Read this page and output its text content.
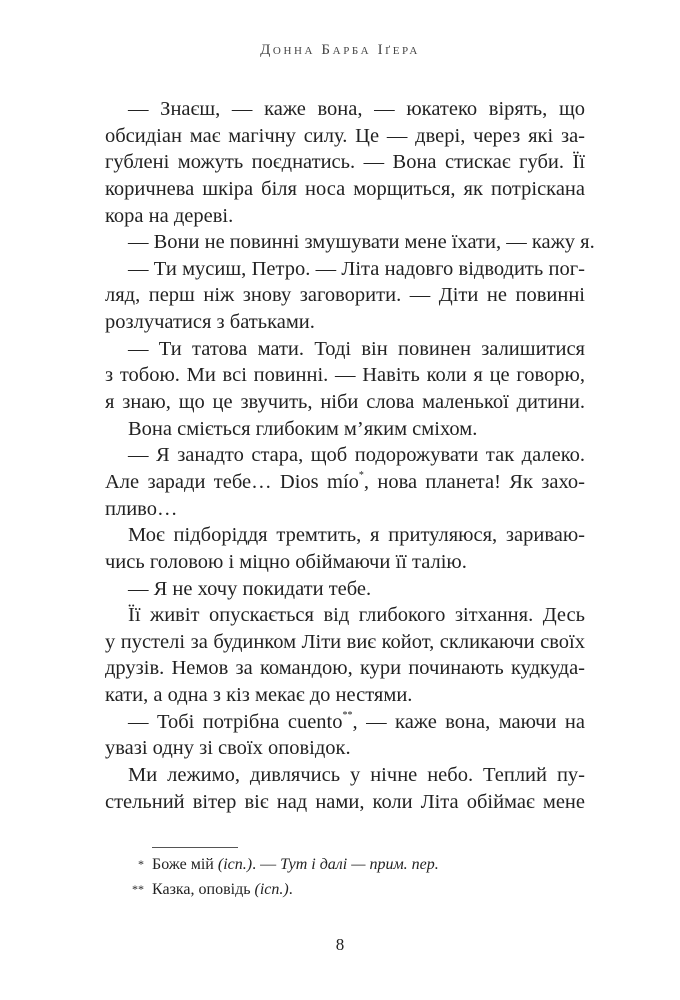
Донна Барба Іґера
— Знаєш, — каже вона, — юкатеко вірять, що
обсидіан має магічну силу. Це — двері, через які за-
гублені можуть поєднатись. — Вона стискає губи. Її
коричнева шкіра біля носа морщиться, як потріскана
кора на дереві.
— Вони не повинні змушувати мене їхати, — кажу я.
— Ти мусиш, Петро. — Літа надовго відводить пог-
ляд, перш ніж знову заговорити. — Діти не повинні
розлучатися з батьками.
— Ти татова мати. Тоді він повинен залишитися
з тобою. Ми всі повинні. — Навіть коли я це говорю,
я знаю, що це звучить, ніби слова маленької дитини.
Вона сміється глибоким м’яким сміхом.
— Я занадто стара, щоб подорожувати так далеко.
Але заради тебе… Dios mío*, нова планета! Як захо-
пливо…
Моє підборіддя тремтить, я притуляюся, зариваю-
чись головою і міцно обіймаючи її талію.
— Я не хочу покидати тебе.
Її живіт опускається від глибокого зітхання. Десь
у пустелі за будинком Літи виє койот, скликаючи своїх
друзів. Немов за командою, кури починають кудкуда-
кати, а одна з кіз мекає до нестями.
— Тобі потрібна cuento**, — каже вона, маючи на
увазі одну зі своїх оповідок.
Ми лежимо, дивлячись у нічне небо. Теплий пу-
стельний вітер віє над нами, коли Літа обіймає мене
* Боже мій (ісп.). — Тут і далі — прим. пер.
** Казка, оповідь (ісп.).
8
